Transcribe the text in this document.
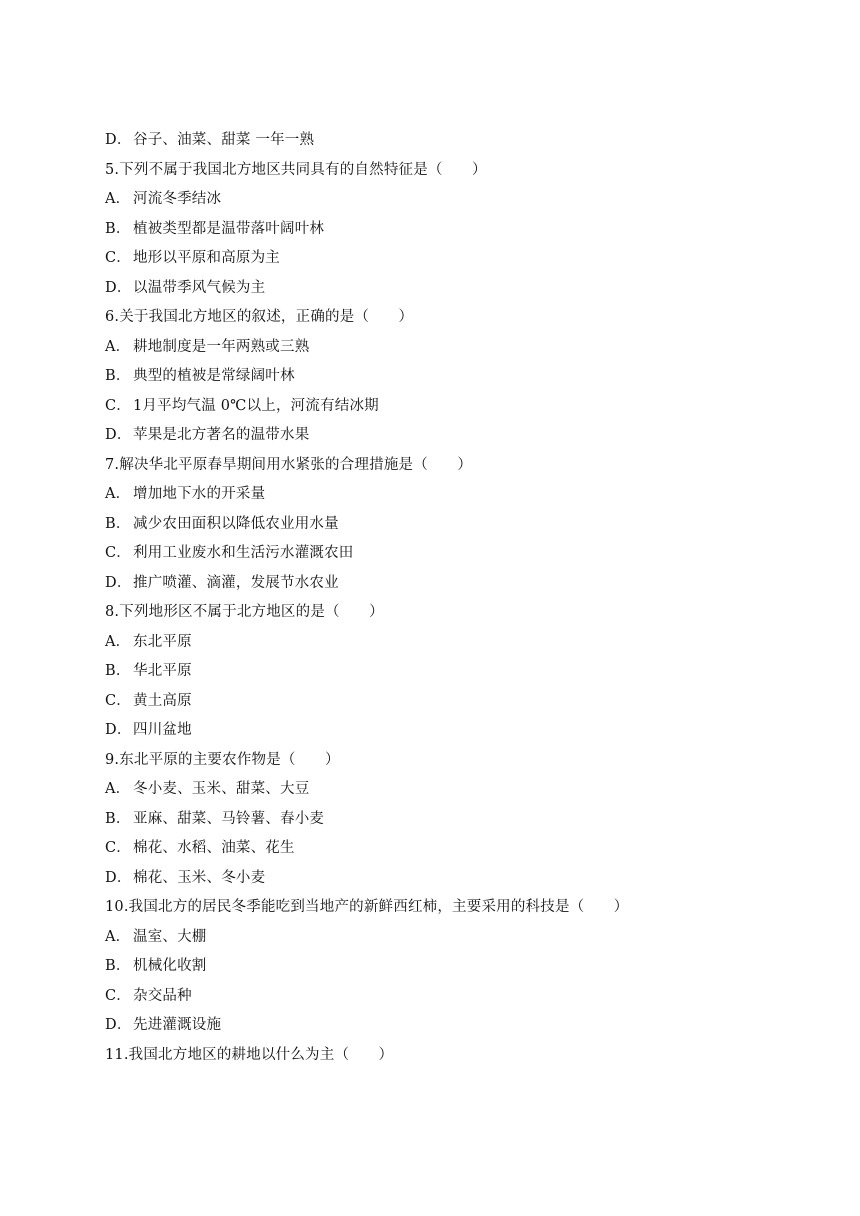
D．谷子、油菜、甜菜 一年一熟
5.下列不属于我国北方地区共同具有的自然特征是（　　）
A． 河流冬季结冰
B． 植被类型都是温带落叶阔叶林
C． 地形以平原和高原为主
D．以温带季风气候为主
6.关于我国北方地区的叙述，正确的是（　　）
A． 耕地制度是一年两熟或三熟
B． 典型的植被是常绿阔叶林
C． 1月平均气温 0℃以上，河流有结冰期
D．苹果是北方著名的温带水果
7.解决华北平原春旱期间用水紧张的合理措施是（　　）
A． 增加地下水的开采量
B． 减少农田面积以降低农业用水量
C． 利用工业废水和生活污水灌溉农田
D．推广喷灌、滴灌，发展节水农业
8.下列地形区不属于北方地区的是（　　）
A． 东北平原
B． 华北平原
C． 黄土高原
D．四川盆地
9.东北平原的主要农作物是（　　）
A． 冬小麦、玉米、甜菜、大豆
B． 亚麻、甜菜、马铃薯、春小麦
C． 棉花、水稻、油菜、花生
D．棉花、玉米、冬小麦
10.我国北方的居民冬季能吃到当地产的新鲜西红柿，主要采用的科技是（　　）
A． 温室、大棚
B． 机械化收割
C． 杂交品种
D．先进灌溉设施
11.我国北方地区的耕地以什么为主（　　）
